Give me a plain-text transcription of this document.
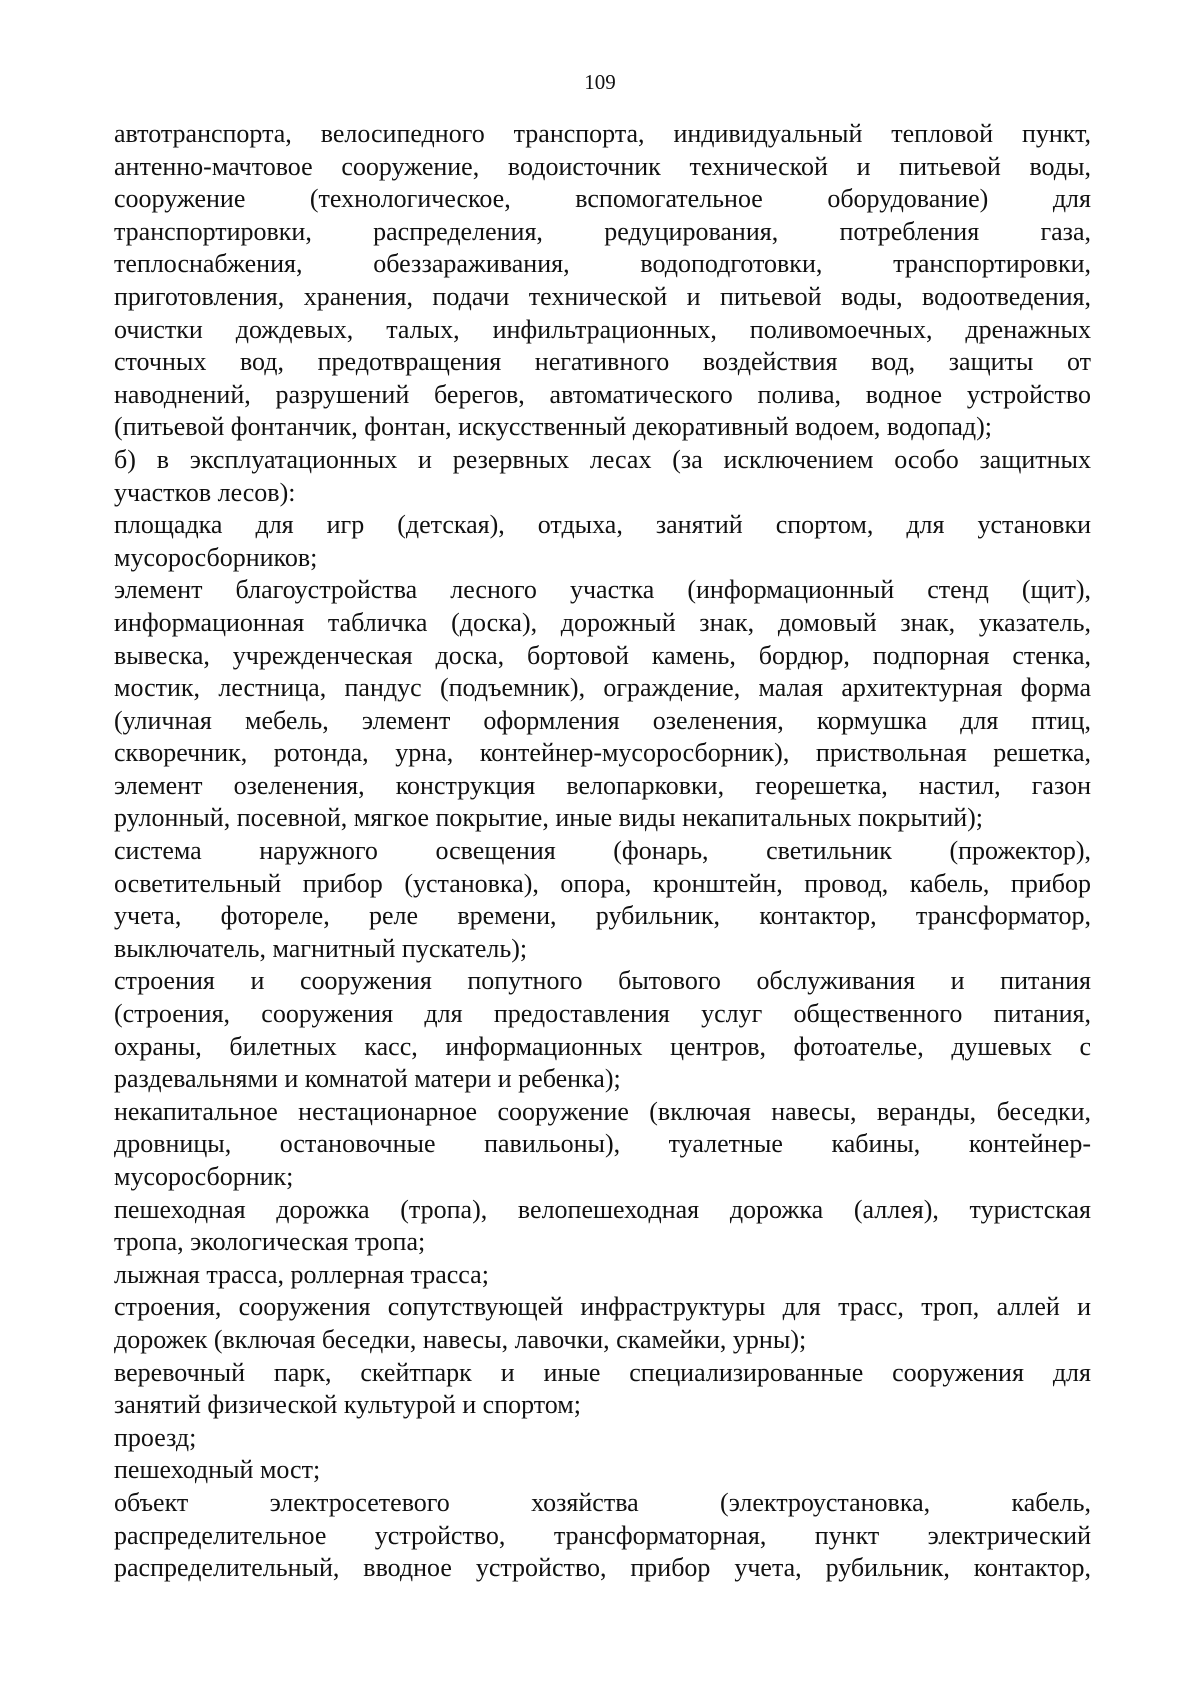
109
автотранспорта, велосипедного транспорта, индивидуальный тепловой пункт,
антенно-мачтовое сооружение, водоисточник технической и питьевой воды,
сооружение (технологическое, вспомогательное оборудование) для
транспортировки, распределения, редуцирования, потребления газа,
теплоснабжения, обеззараживания, водоподготовки, транспортировки,
приготовления, хранения, подачи технической и питьевой воды, водоотведения,
очистки дождевых, талых, инфильтрационных, поливомоечных, дренажных
сточных вод, предотвращения негативного воздействия вод, защиты от
наводнений, разрушений берегов, автоматического полива, водное устройство
(питьевой фонтанчик, фонтан, искусственный декоративный водоем, водопад);
б) в эксплуатационных и резервных лесах (за исключением особо защитных
участков лесов):
площадка для игр (детская), отдыха, занятий спортом, для установки
мусоросборников;
элемент благоустройства лесного участка (информационный стенд (щит),
информационная табличка (доска), дорожный знак, домовый знак, указатель,
вывеска, учрежденческая доска, бортовой камень, бордюр, подпорная стенка,
мостик, лестница, пандус (подъемник), ограждение, малая архитектурная форма
(уличная мебель, элемент оформления озеленения, кормушка для птиц,
скворечник, ротонда, урна, контейнер-мусоросборник), приствольная решетка,
элемент озеленения, конструкция велопарковки, георешетка, настил, газон
рулонный, посевной, мягкое покрытие, иные виды некапитальных покрытий);
система наружного освещения (фонарь, светильник (прожектор),
осветительный прибор (установка), опора, кронштейн, провод, кабель, прибор
учета, фотореле, реле времени, рубильник, контактор, трансформатор,
выключатель, магнитный пускатель);
строения и сооружения попутного бытового обслуживания и питания
(строения, сооружения для предоставления услуг общественного питания,
охраны, билетных касс, информационных центров, фотоателье, душевых с
раздевальнями и комнатой матери и ребенка);
некапитальное нестационарное сооружение (включая навесы, веранды, беседки,
дровницы, остановочные павильоны), туалетные кабины, контейнер-
мусоросборник;
пешеходная дорожка (тропа), велопешеходная дорожка (аллея), туристская
тропа, экологическая тропа;
лыжная трасса, роллерная трасса;
строения, сооружения сопутствующей инфраструктуры для трасс, троп, аллей и
дорожек (включая беседки, навесы, лавочки, скамейки, урны);
веревочный парк, скейтпарк и иные специализированные сооружения для
занятий физической культурой и спортом;
проезд;
пешеходный мост;
объект электросетевого хозяйства (электроустановка, кабель,
распределительное устройство, трансформаторная, пункт электрический
распределительный, вводное устройство, прибор учета, рубильник, контактор,
